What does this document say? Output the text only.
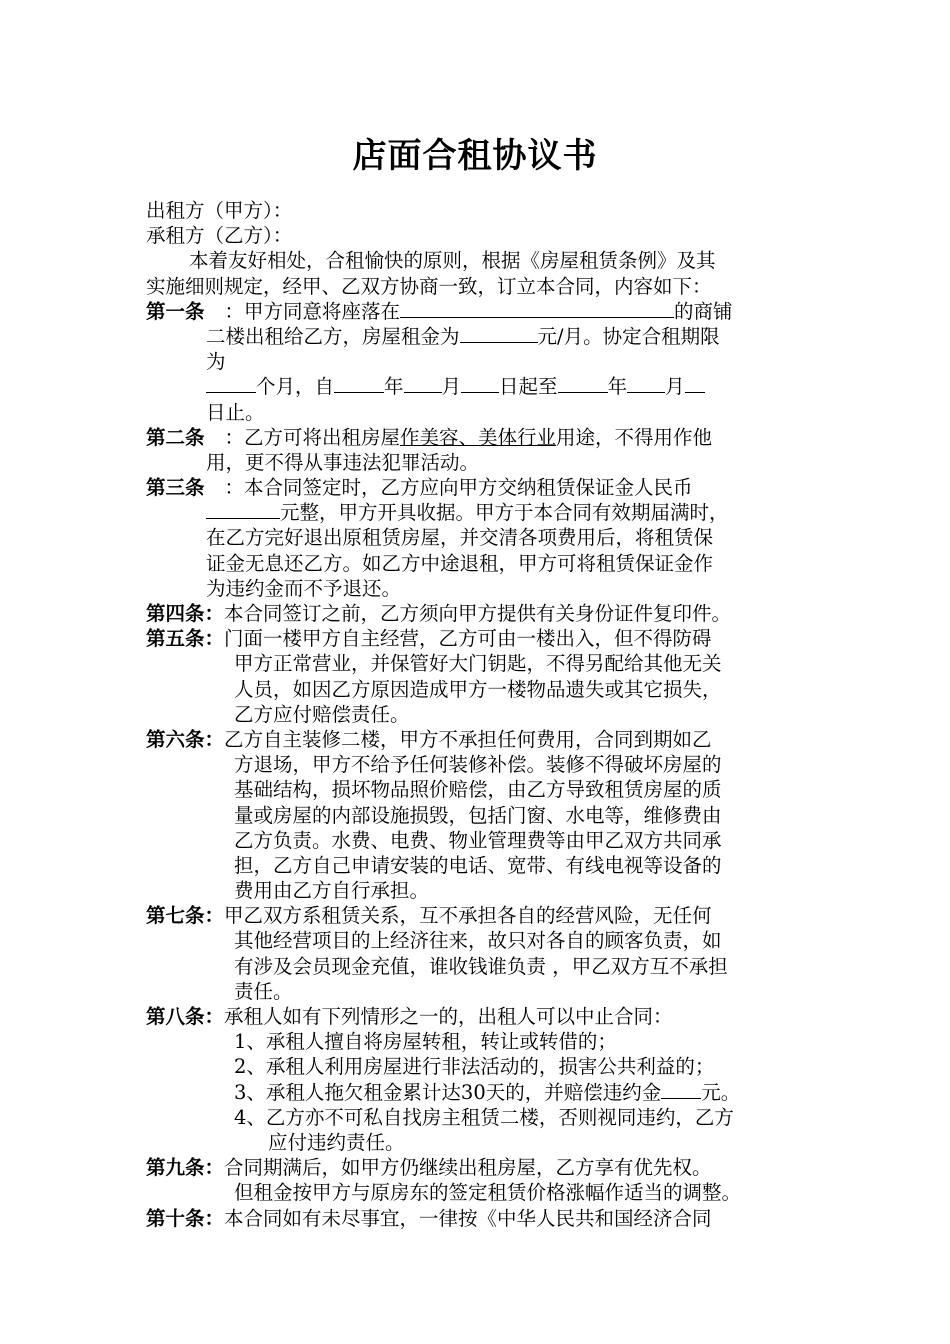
店面合租协议书
出租方（甲方）：
承租方（乙方）：
本着友好相处，合租愉快的原则，根据《房屋租赁条例》及其
实施细则规定，经甲、乙双方协商一致，订立本合同，内容如下：
第一条 ：甲方同意将座落在	的商铺
二楼出租给乙方，房屋租金为	元/月。协定合租期限
为
个月，自	年 月 日起至	年 月
日止。
第二条 ：乙方可将出租房屋作美容、美体行业用途，不得用作他
用，更不得从事违法犯罪活动。
第三条 ：本合同签定时，乙方应向甲方交纳租赁保证金人民币
元整，甲方开具收据。甲方于本合同有效期届满时，
在乙方完好退出原租赁房屋，并交清各项费用后，将租赁保
证金无息还乙方。如乙方中途退租，甲方可将租赁保证金作
为违约金而不予退还。
第四条：本合同签订之前，乙方须向甲方提供有关身份证件复印件。
第五条：门面一楼甲方自主经营，乙方可由一楼出入，但不得防碍
甲方正常营业，并保管好大门钥匙，不得另配给其他无关
人员，如因乙方原因造成甲方一楼物品遗失或其它损失，
乙方应付赔偿责任。
第六条：乙方自主装修二楼，甲方不承担任何费用，合同到期如乙
方退场，甲方不给予任何装修补偿。装修不得破坏房屋的
基础结构，损坏物品照价赔偿，由乙方导致租赁房屋的质
量或房屋的内部设施损毁，包括门窗、水电等，维修费由
乙方负责。水费、电费、物业管理费等由甲乙双方共同承
担，乙方自己申请安装的电话、宽带、有线电视等设备的
费用由乙方自行承担。
第七条：甲乙双方系租赁关系，互不承担各自的经营风险，无任何
其他经营项目的上经济往来，故只对各自的顾客负责，如
有涉及会员现金充值，谁收钱谁负责 ，甲乙双方互不承担
责任。
第八条：承租人如有下列情形之一的，出租人可以中止合同：
1、承租人擅自将房屋转租，转让或转借的；
2、承租人利用房屋进行非法活动的，损害公共利益的；
3、承租人拖欠租金累计达30天的，并赔偿违约金 元。
4、乙方亦不可私自找房主租赁二楼，否则视同违约，乙方
应付违约责任。
第九条：合同期满后，如甲方仍继续出租房屋，乙方享有优先权。
但租金按甲方与原房东的签定租赁价格涨幅作适当的调整。
第十条：本合同如有未尽事宜，一律按《中华人民共和国经济合同
